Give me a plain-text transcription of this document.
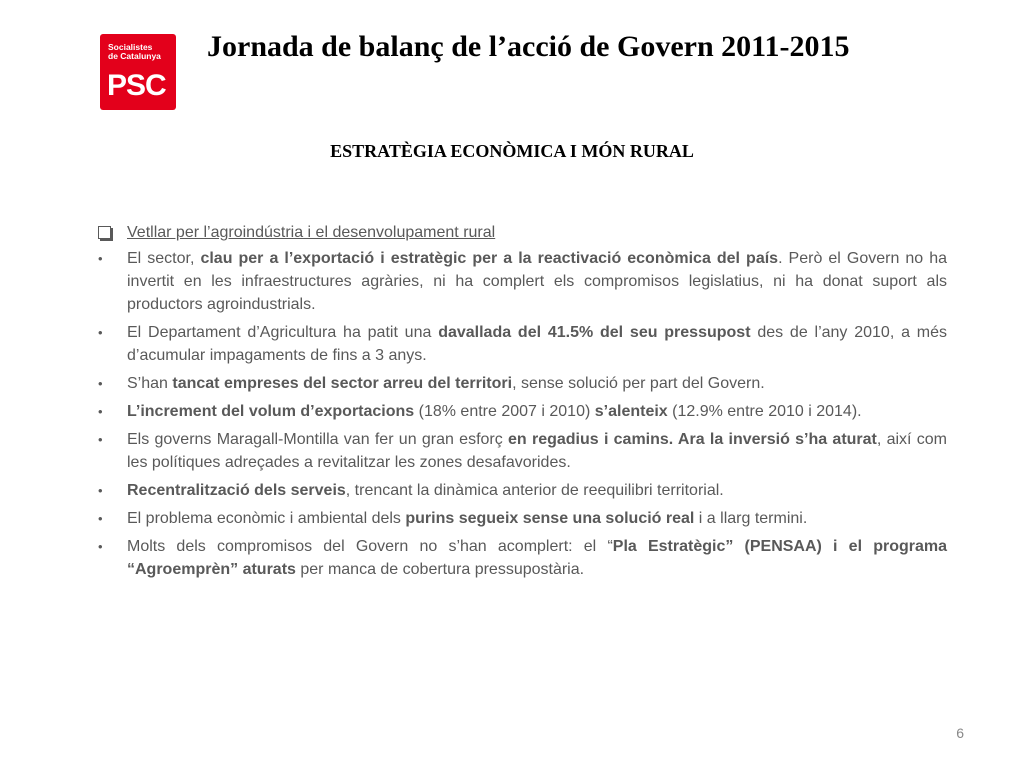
Socialistes
de Catalunya
PSC
Jornada de balanç de l’acció de Govern 2011-2015
ESTRATÈGIA ECONÒMICA I MÓN RURAL
Vetllar per l’agroindústria i el desenvolupament rural
• El sector, clau per a l’exportació i estratègic per a la reactivació econòmica del país. Però el Govern no ha invertit en les infraestructures agràries, ni ha complert els compromisos legislatius, ni ha donat suport als productors agroindustrials.
• El Departament d’Agricultura ha patit una davallada del 41.5% del seu pressupost des de l’any 2010, a més d’acumular impagaments de fins a 3 anys.
• S’han tancat empreses del sector arreu del territori, sense solució per part del Govern.
• L’increment del volum d’exportacions (18% entre 2007 i 2010) s’alenteix (12.9% entre 2010 i 2014).
• Els governs Maragall-Montilla van fer un gran esforç en regadius i camins. Ara la inversió s’ha aturat, així com les polítiques adreçades a revitalitzar les zones desafavorides.
• Recentralització dels serveis, trencant la dinàmica anterior de reequilibri territorial.
• El problema econòmic i ambiental dels purins segueix sense una solució real i a llarg termini.
• Molts dels compromisos del Govern no s’han acomplert: el “Pla Estratègic” (PENSAA) i el programa “Agroemprèn” aturats per manca de cobertura pressupostària.
6
